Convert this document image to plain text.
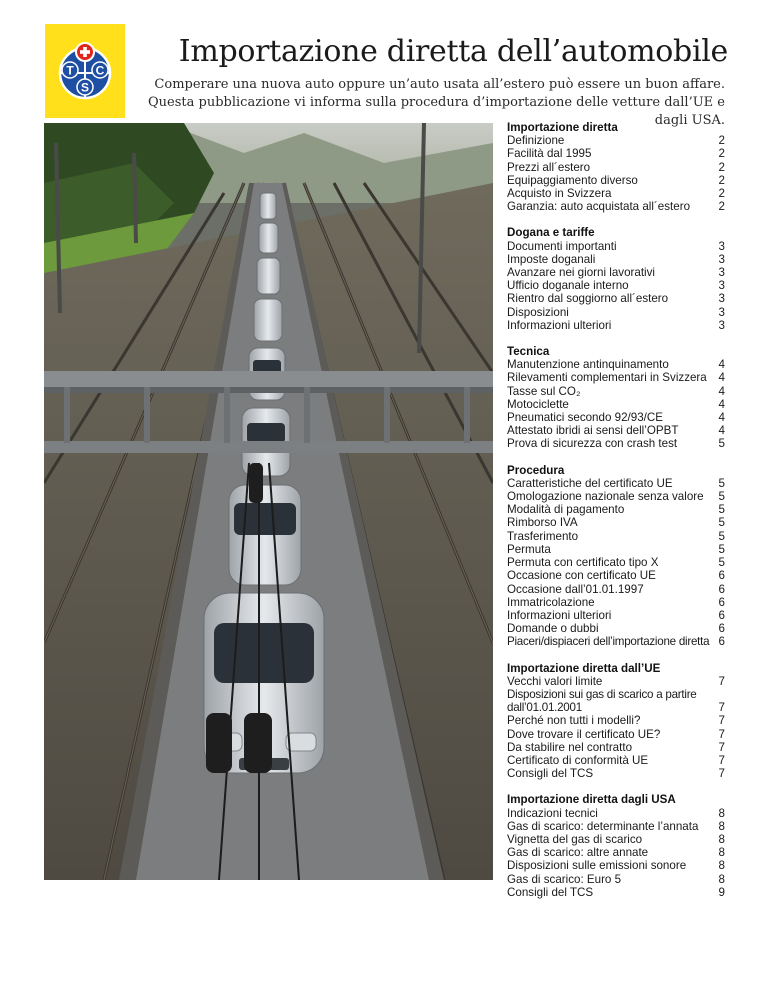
T C
S
Importazione diretta dell’automobile
Comperare una nuova auto oppure un’auto usata all’estero può essere un buon affare. Questa pubblicazione vi informa sulla procedura d’importazione delle vetture dall’UE e dagli USA.
Importazione diretta
Definizione	2
Facilità dal 1995	2
Prezzi all´estero	2
Equipaggiamento diverso	2
Acquisto in Svizzera	2
Garanzia: auto acquistata all´estero 2
Dogana e tariffe
Documenti importanti	3
Imposte doganali	3
Avanzare nei giorni lavorativi	3
Ufficio doganale interno	3
Rientro dal soggiorno all´estero	3
Disposizioni	3
Informazioni ulteriori	3
Tecnica
Manutenzione antinquinamento	4
Rilevamenti complementari in Svizzera 4
Tasse sul CO₂	4
Motociclette	4
Pneumatici secondo 92/93/CE	4
Attestato ibridi ai sensi dell’OPBT	4
Prova di sicurezza con crash test	5
Procedura
Caratteristiche del certificato UE	5
Omologazione nazionale senza valore 5
Modalità di pagamento	5
Rimborso IVA	5
Trasferimento	5
Permuta	5
Permuta con certificato tipo X	5
Occasione con certificato UE	6
Occasione dall’01.01.1997	6
Immatricolazione	6
Informazioni ulteriori	6
Domande o dubbi	6
Piaceri/dispiaceri dell’importazione diretta 6
Importazione diretta dall’UE
Vecchi valori limite	7
Disposizioni sui gas di scarico a partire
dall’01.01.2001	7
Perché non tutti i modelli?	7
Dove trovare il certificato UE?	7
Da stabilire nel contratto	7
Certificato di conformità UE	7
Consigli del TCS	7
Importazione diretta dagli USA
Indicazioni tecnici	8
Gas di scarico: determinante l’annata 8
Vignetta del gas di scarico	8
Gas di scarico: altre annate	8
Disposizioni sulle emissioni sonore	8
Gas di scarico: Euro 5	8
Consigli del TCS	9
